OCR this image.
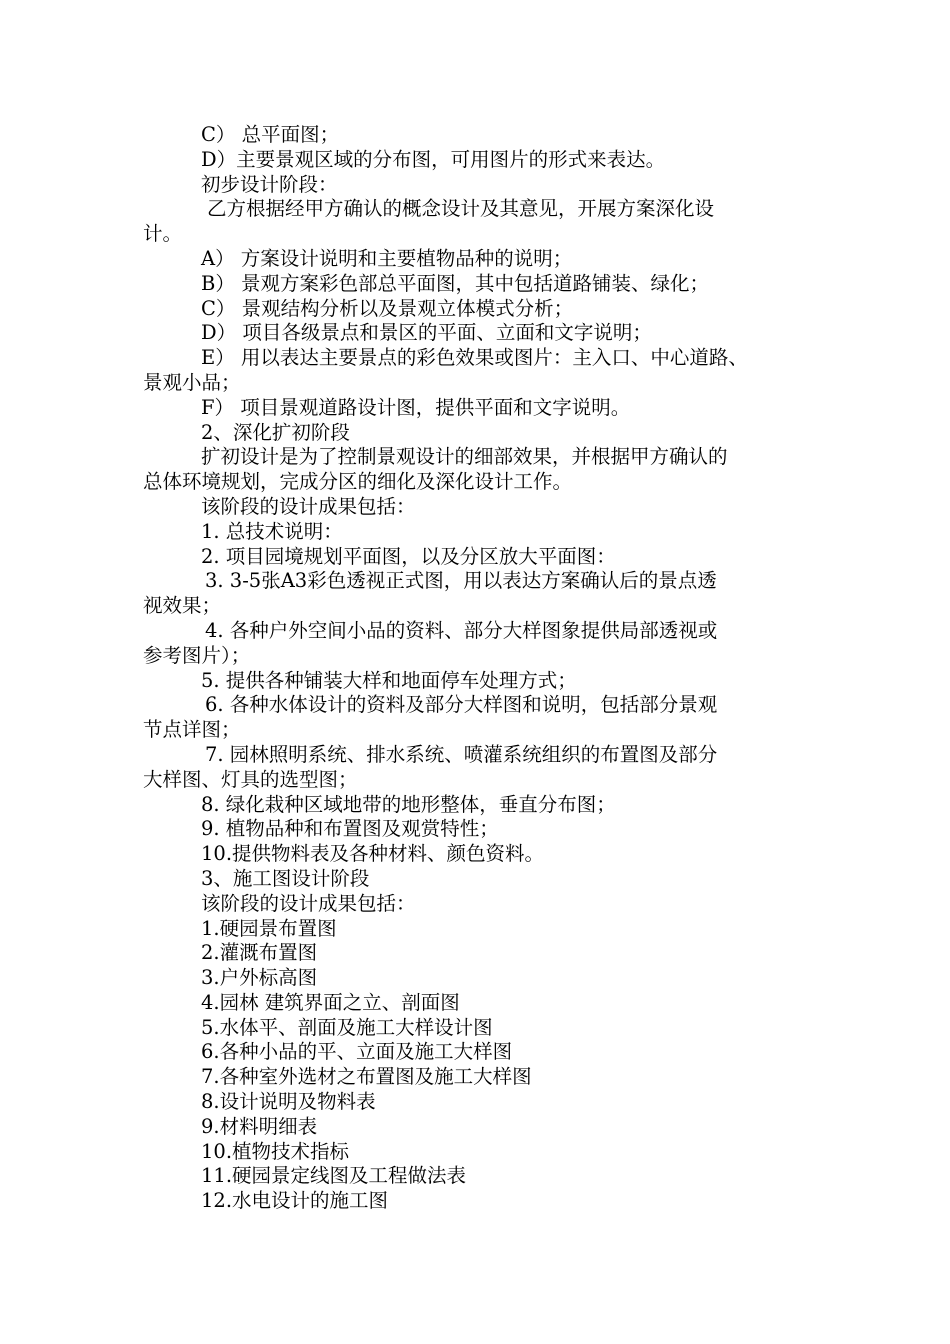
C） 总平面图；
D）主要景观区域的分布图，可用图片的形式来表达。
初步设计阶段：
乙方根据经甲方确认的概念设计及其意见，开展方案深化设
计。
A） 方案设计说明和主要植物品种的说明；
B） 景观方案彩色部总平面图，其中包括道路铺装、绿化；
C） 景观结构分析以及景观立体模式分析；
D） 项目各级景点和景区的平面、立面和文字说明；
E） 用以表达主要景点的彩色效果或图片：主入口、中心道路、
景观小品；
F） 项目景观道路设计图，提供平面和文字说明。
2、深化扩初阶段
扩初设计是为了控制景观设计的细部效果，并根据甲方确认的
总体环境规划，完成分区的细化及深化设计工作。
该阶段的设计成果包括：
1. 总技术说明：
2. 项目园境规划平面图，以及分区放大平面图：
3. 3-5张A3彩色透视正式图，用以表达方案确认后的景点透
视效果；
4. 各种户外空间小品的资料、部分大样图象提供局部透视或
参考图片）；
5. 提供各种铺装大样和地面停车处理方式；
6. 各种水体设计的资料及部分大样图和说明，包括部分景观
节点详图；
7. 园林照明系统、排水系统、喷灌系统组织的布置图及部分
大样图、灯具的选型图；
8. 绿化栽种区域地带的地形整体，垂直分布图；
9. 植物品种和布置图及观赏特性；
10.提供物料表及各种材料、颜色资料。
3、施工图设计阶段
该阶段的设计成果包括：
1.硬园景布置图
2.灌溉布置图
3.户外标高图
4.园林 建筑界面之立、剖面图
5.水体平、剖面及施工大样设计图
6.各种小品的平、立面及施工大样图
7.各种室外选材之布置图及施工大样图
8.设计说明及物料表
9.材料明细表
10.植物技术指标
11.硬园景定线图及工程做法表
12.水电设计的施工图
